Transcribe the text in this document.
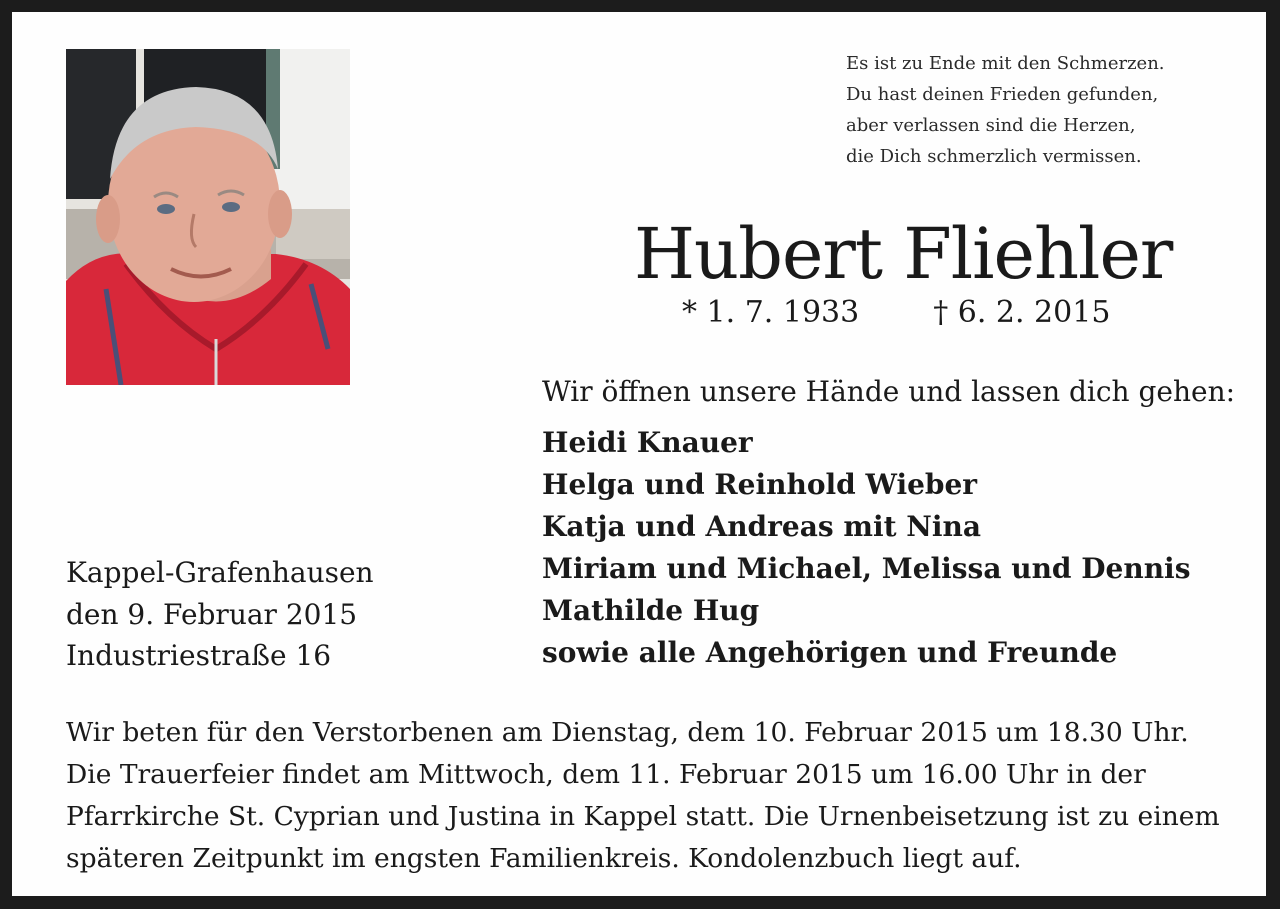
Es ist zu Ende mit den Schmerzen.
Du hast deinen Frieden gefunden,
aber verlassen sind die Herzen,
die Dich schmerzlich vermissen.
Hubert Fliehler
* 1. 7. 1933 † 6. 2. 2015
Wir öffnen unsere Hände und lassen dich gehen:
Heidi Knauer
Helga und Reinhold Wieber
Katja und Andreas mit Nina
Miriam und Michael, Melissa und Dennis
Mathilde Hug
sowie alle Angehörigen und Freunde
Kappel-Grafenhausen
den 9. Februar 2015
Industriestraße 16
Wir beten für den Verstorbenen am Dienstag, dem 10. Februar 2015 um 18.30 Uhr.
Die Trauerfeier findet am Mittwoch, dem 11. Februar 2015 um 16.00 Uhr in der
Pfarrkirche St. Cyprian und Justina in Kappel statt. Die Urnenbeisetzung ist zu einem
späteren Zeitpunkt im engsten Familienkreis. Kondolenzbuch liegt auf.
